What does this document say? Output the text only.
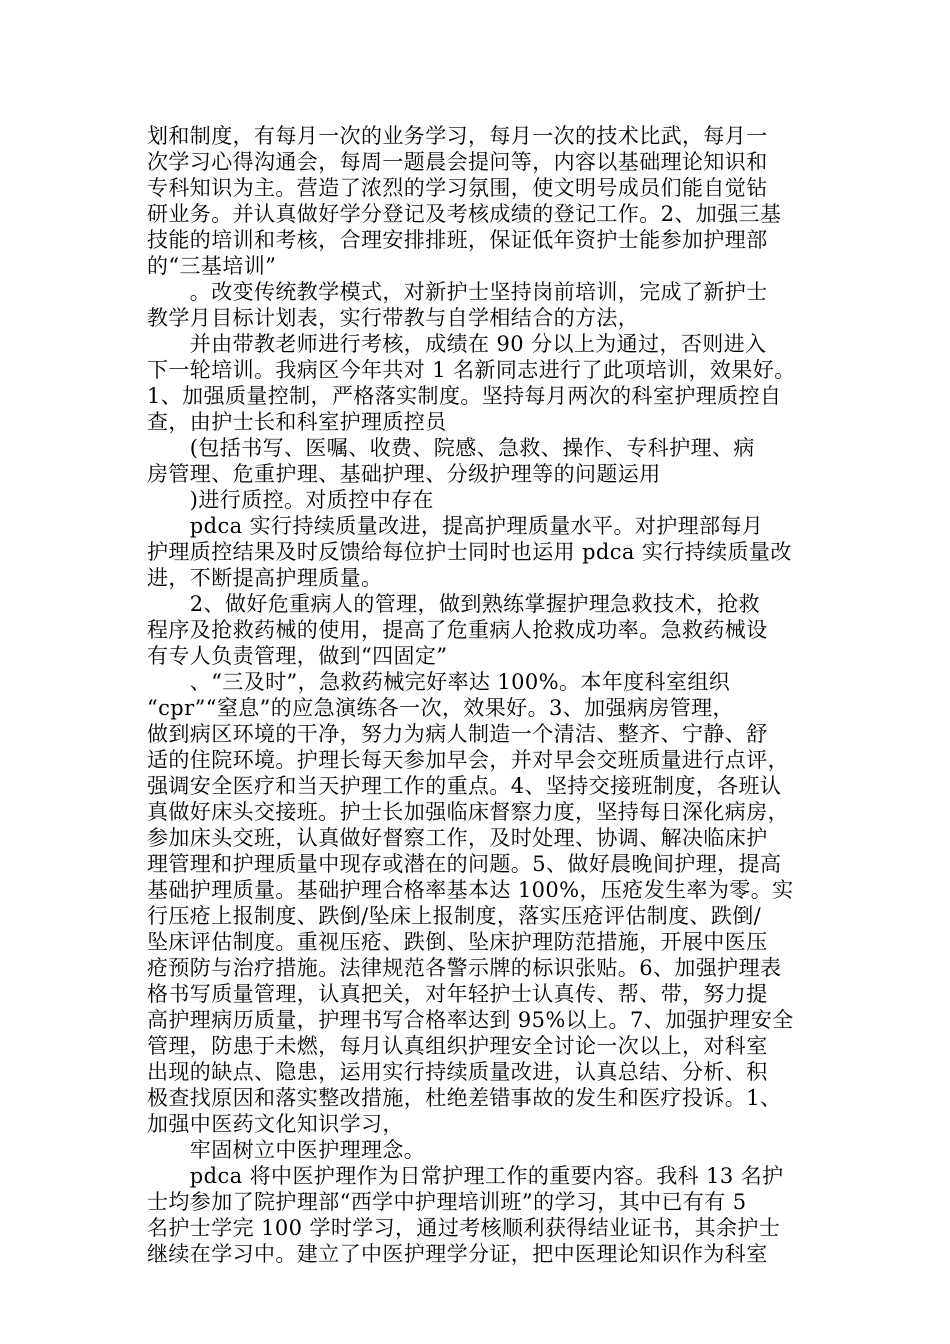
划和制度，有每月一次的业务学习，每月一次的技术比武，每月一
次学习心得沟通会，每周一题晨会提问等，内容以基础理论知识和
专科知识为主。营造了浓烈的学习氛围，使文明号成员们能自觉钻
研业务。并认真做好学分登记及考核成绩的登记工作。2、加强三基
技能的培训和考核，合理安排排班，保证低年资护士能参加护理部
的“三基培训”
　　。改变传统教学模式，对新护士坚持岗前培训，完成了新护士
教学月目标计划表，实行带教与自学相结合的方法，
　　并由带教老师进行考核，成绩在 90 分以上为通过，否则进入
下一轮培训。我病区今年共对 1 名新同志进行了此项培训，效果好。
1、加强质量控制，严格落实制度。坚持每月两次的科室护理质控自
查，由护士长和科室护理质控员
　　(包括书写、医嘱、收费、院感、急救、操作、专科护理、病
房管理、危重护理、基础护理、分级护理等的问题运用
　　)进行质控。对质控中存在
　　pdca 实行持续质量改进，提高护理质量水平。对护理部每月
护理质控结果及时反馈给每位护士同时也运用 pdca 实行持续质量改
进，不断提高护理质量。
　　2、做好危重病人的管理，做到熟练掌握护理急救技术，抢救
程序及抢救药械的使用，提高了危重病人抢救成功率。急救药械设
有专人负责管理，做到“四固定”
　　、“三及时”，急救药械完好率达 100%。本年度科室组织
“cpr”“窒息”的应急演练各一次，效果好。3、加强病房管理，
做到病区环境的干净，努力为病人制造一个清洁、整齐、宁静、舒
适的住院环境。护理长每天参加早会，并对早会交班质量进行点评，
强调安全医疗和当天护理工作的重点。4、坚持交接班制度，各班认
真做好床头交接班。护士长加强临床督察力度，坚持每日深化病房，
参加床头交班，认真做好督察工作，及时处理、协调、解决临床护
理管理和护理质量中现存或潜在的问题。5、做好晨晚间护理，提高
基础护理质量。基础护理合格率基本达 100%，压疮发生率为零。实
行压疮上报制度、跌倒/坠床上报制度，落实压疮评估制度、跌倒/
坠床评估制度。重视压疮、跌倒、坠床护理防范措施，开展中医压
疮预防与治疗措施。法律规范各警示牌的标识张贴。6、加强护理表
格书写质量管理，认真把关，对年轻护士认真传、帮、带，努力提
高护理病历质量，护理书写合格率达到 95%以上。7、加强护理安全
管理，防患于未燃，每月认真组织护理安全讨论一次以上，对科室
出现的缺点、隐患，运用实行持续质量改进，认真总结、分析、积
极查找原因和落实整改措施，杜绝差错事故的发生和医疗投诉。1、
加强中医药文化知识学习，
　　牢固树立中医护理理念。
　　pdca 将中医护理作为日常护理工作的重要内容。我科 13 名护
士均参加了院护理部“西学中护理培训班”的学习，其中已有有 5
名护士学完 100 学时学习，通过考核顺利获得结业证书，其余护士
继续在学习中。建立了中医护理学分证，把中医理论知识作为科室
